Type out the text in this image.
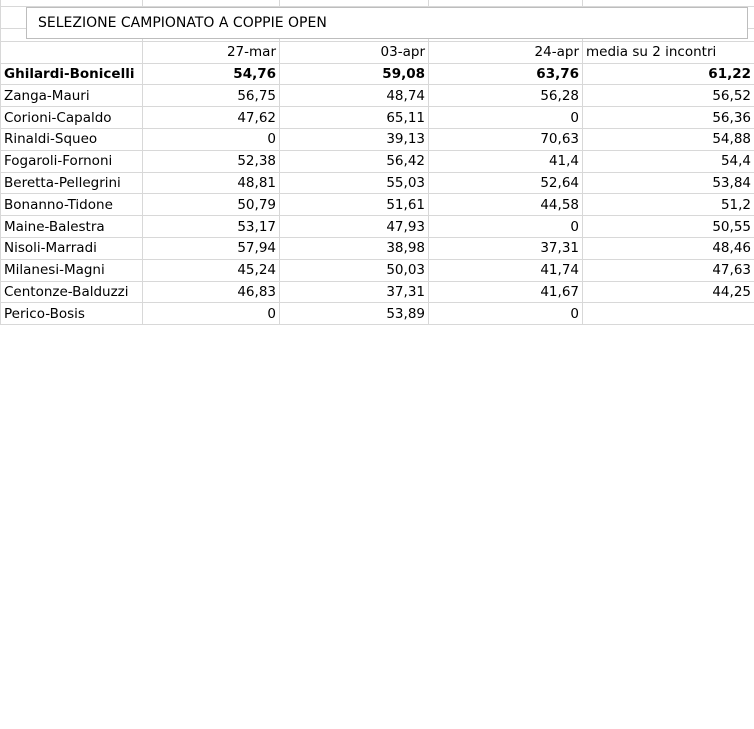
	27-mar	03-apr	24-apr	media su 2 incontri
Ghilardi-Bonicelli	54,76	59,08	63,76	61,22
Zanga-Mauri	56,75	48,74	56,28	56,52
Corioni-Capaldo	47,62	65,11	0	56,36
Rinaldi-Squeo	0	39,13	70,63	54,88
Fogaroli-Fornoni	52,38	56,42	41,4	54,4
Beretta-Pellegrini	48,81	55,03	52,64	53,84
Bonanno-Tidone	50,79	51,61	44,58	51,2
Maine-Balestra	53,17	47,93	0	50,55
Nisoli-Marradi	57,94	38,98	37,31	48,46
Milanesi-Magni	45,24	50,03	41,74	47,63
Centonze-Balduzzi	46,83	37,31	41,67	44,25
Perico-Bosis	0	53,89	0	
SELEZIONE CAMPIONATO A COPPIE OPEN
